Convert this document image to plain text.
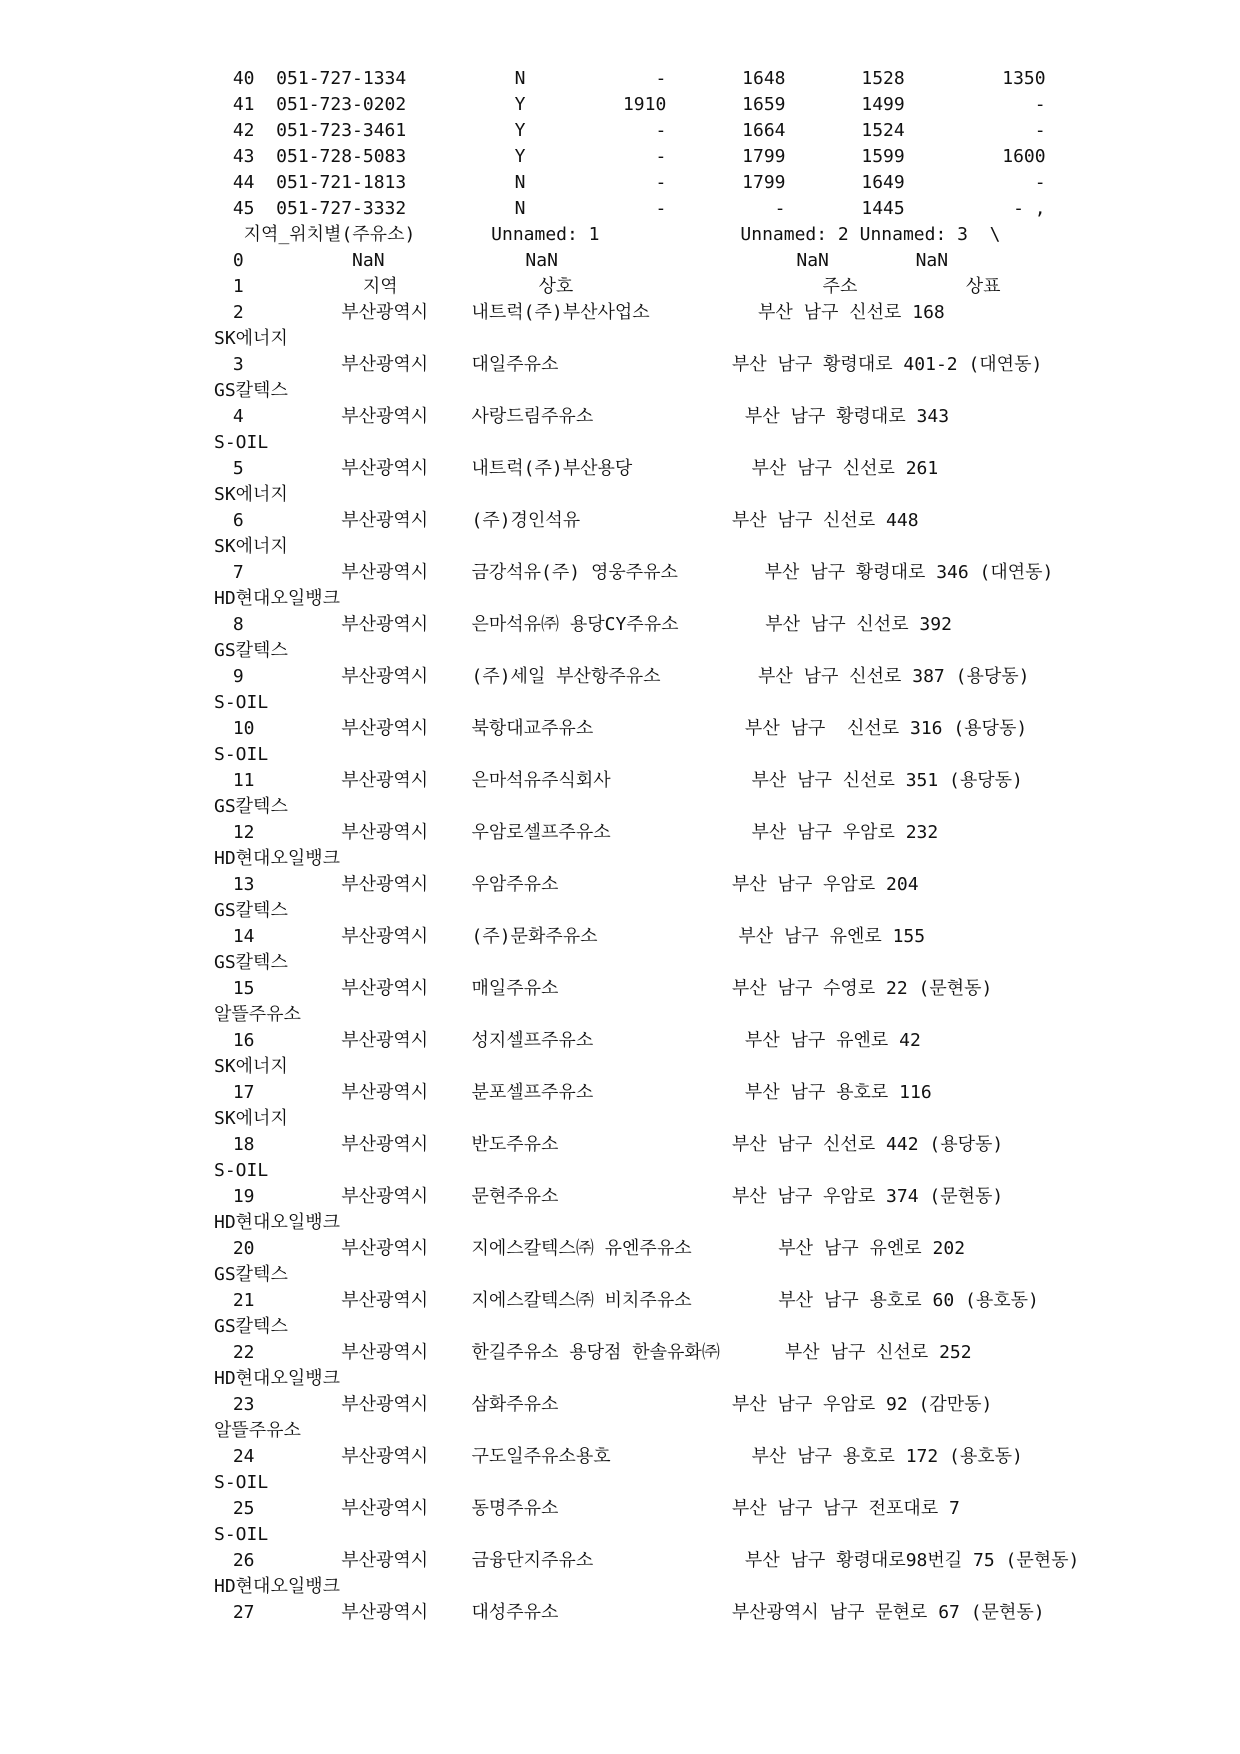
40  051-727-1334          N            -       1648       1528         1350
41  051-723-0202          Y         1910       1659       1499            -
42  051-723-3461          Y            -       1664       1524            -
43  051-728-5083          Y            -       1799       1599         1600
44  051-721-1813          N            -       1799       1649            -
45  051-727-3332          N            -          -       1445          - ,
지역_위치별(주유소)       Unnamed: 1             Unnamed: 2 Unnamed: 3  \
0          NaN             NaN                      NaN        NaN
1           지역             상호                       주소          상표
2         부산광역시    내트럭(주)부산사업소          부산 남구 신선로 168
SK에너지
3         부산광역시    대일주유소                부산 남구 황령대로 401-2 (대연동)
GS칼텍스
4         부산광역시    사랑드림주유소              부산 남구 황령대로 343
S-OIL
5         부산광역시    내트럭(주)부산용당           부산 남구 신선로 261
SK에너지
6         부산광역시    (주)경인석유              부산 남구 신선로 448
SK에너지
7         부산광역시    금강석유(주) 영웅주유소        부산 남구 황령대로 346 (대연동)
HD현대오일뱅크
8         부산광역시    은마석유㈜ 용당CY주유소        부산 남구 신선로 392
GS칼텍스
9         부산광역시    (주)세일 부산항주유소         부산 남구 신선로 387 (용당동)
S-OIL
10        부산광역시    북항대교주유소              부산 남구  신선로 316 (용당동)
S-OIL
11        부산광역시    은마석유주식회사             부산 남구 신선로 351 (용당동)
GS칼텍스
12        부산광역시    우암로셀프주유소             부산 남구 우암로 232
HD현대오일뱅크
13        부산광역시    우암주유소                부산 남구 우암로 204
GS칼텍스
14        부산광역시    (주)문화주유소             부산 남구 유엔로 155
GS칼텍스
15        부산광역시    매일주유소                부산 남구 수영로 22 (문현동)
알뜰주유소
16        부산광역시    성지셀프주유소              부산 남구 유엔로 42
SK에너지
17        부산광역시    분포셀프주유소              부산 남구 용호로 116
SK에너지
18        부산광역시    반도주유소                부산 남구 신선로 442 (용당동)
S-OIL
19        부산광역시    문현주유소                부산 남구 우암로 374 (문현동)
HD현대오일뱅크
20        부산광역시    지에스칼텍스㈜ 유엔주유소        부산 남구 유엔로 202
GS칼텍스
21        부산광역시    지에스칼텍스㈜ 비치주유소        부산 남구 용호로 60 (용호동)
GS칼텍스
22        부산광역시    한길주유소 용당점 한솔유화㈜      부산 남구 신선로 252
HD현대오일뱅크
23        부산광역시    삼화주유소                부산 남구 우암로 92 (감만동)
알뜰주유소
24        부산광역시    구도일주유소용호             부산 남구 용호로 172 (용호동)
S-OIL
25        부산광역시    동명주유소                부산 남구 남구 전포대로 7
S-OIL
26        부산광역시    금융단지주유소              부산 남구 황령대로98번길 75 (문현동)
HD현대오일뱅크
27        부산광역시    대성주유소                부산광역시 남구 문현로 67 (문현동)
